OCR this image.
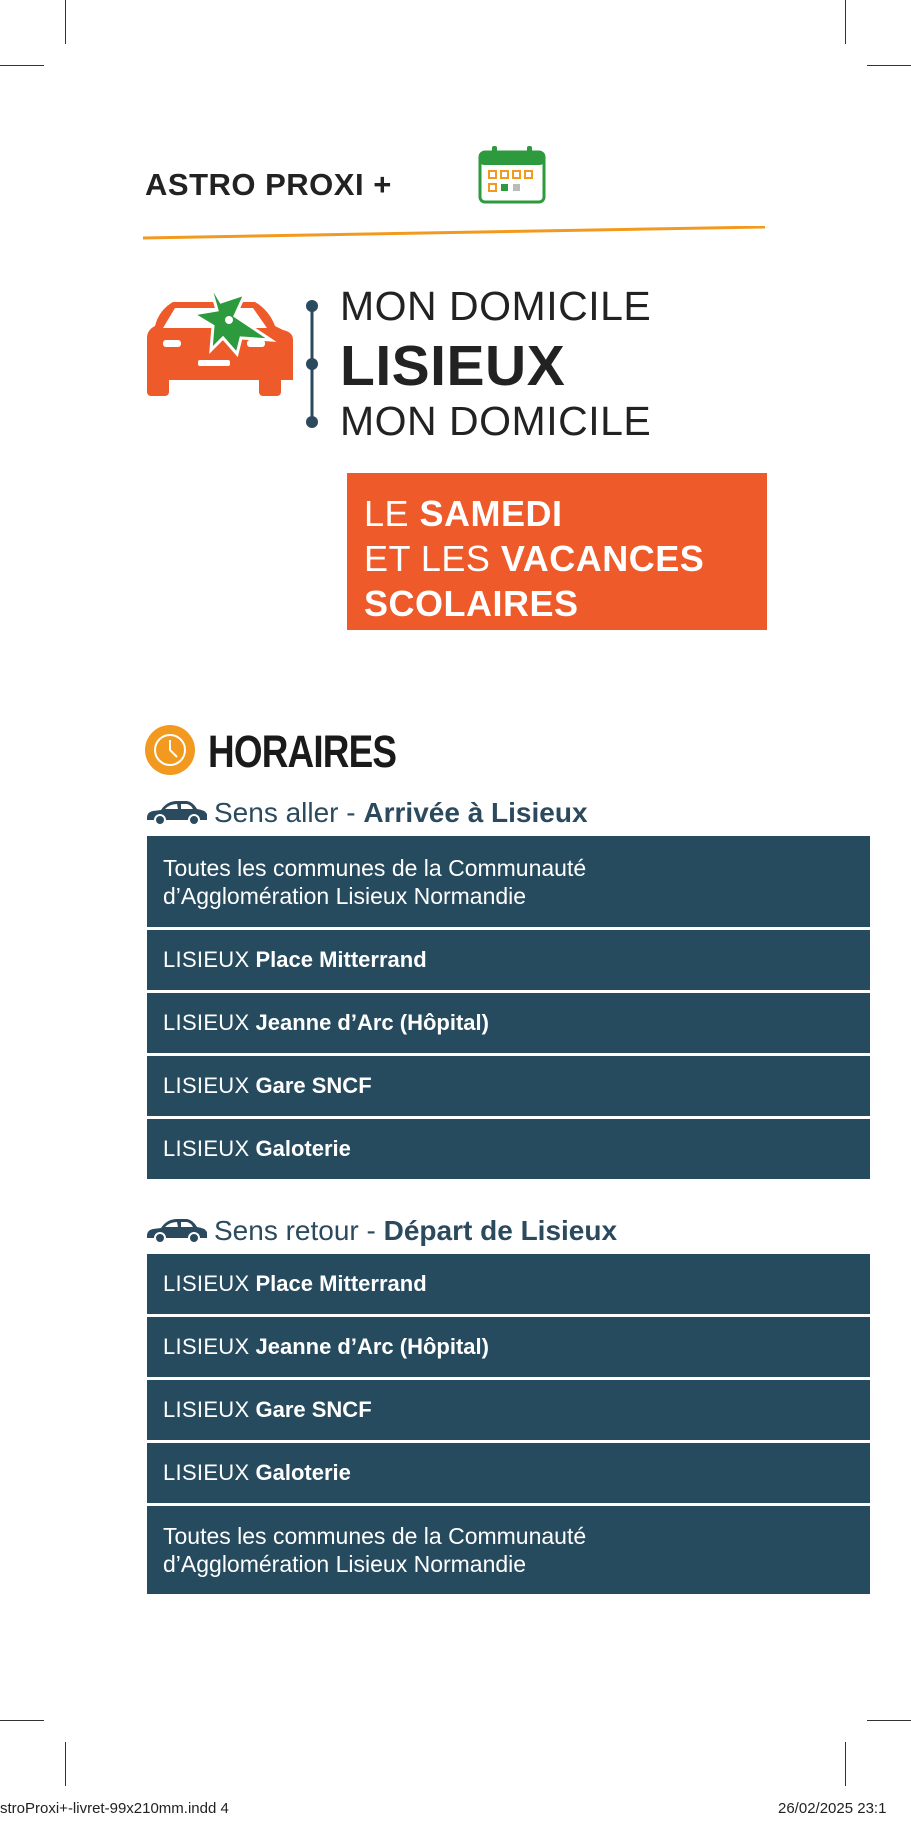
ASTRO PROXI +
MON DOMICILE
LISIEUX
MON DOMICILE
LE SAMEDI
ET LES VACANCES
SCOLAIRES
HORAIRES
Sens aller - Arrivée à Lisieux
Toutes les communes de la Communauté
d’Agglomération Lisieux Normandie
LISIEUX Place Mitterrand
LISIEUX Jeanne d’Arc (Hôpital)
LISIEUX Gare SNCF
LISIEUX Galoterie
Sens retour - Départ de Lisieux
LISIEUX Place Mitterrand
LISIEUX Jeanne d’Arc (Hôpital)
LISIEUX Gare SNCF
LISIEUX Galoterie
Toutes les communes de la Communauté
d’Agglomération Lisieux Normandie
stroProxi+-livret-99x210mm.indd 4	26/02/2025 23:1
